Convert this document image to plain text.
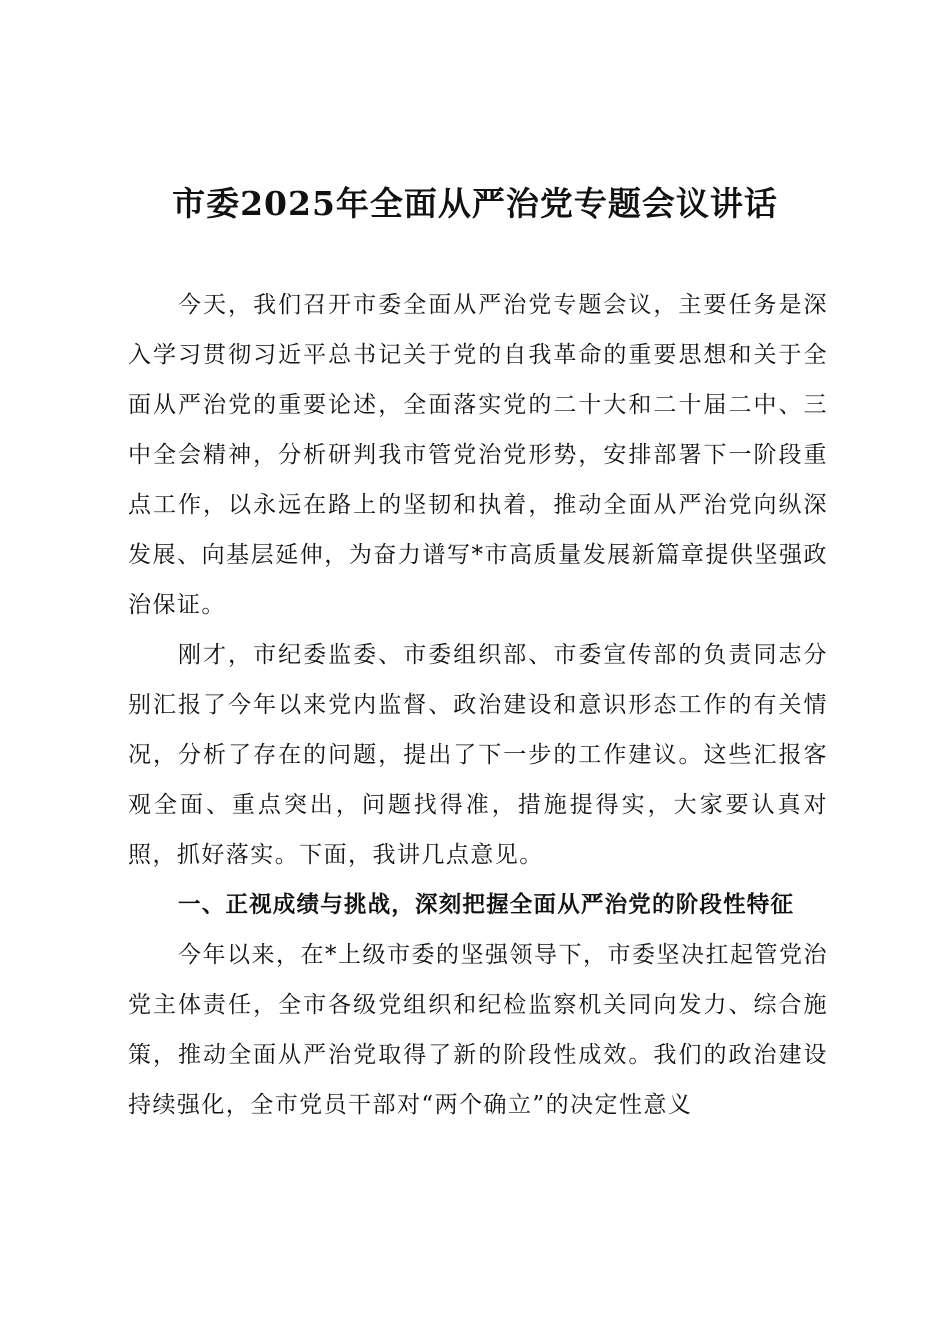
市委2025年全面从严治党专题会议讲话

今天，我们召开市委全面从严治党专题会议，主要任务是深入学习贯彻习近平总书记关于党的自我革命的重要思想和关于全面从严治党的重要论述，全面落实党的二十大和二十届二中、三中全会精神，分析研判我市管党治党形势，安排部署下一阶段重点工作，以永远在路上的坚韧和执着，推动全面从严治党向纵深发展、向基层延伸，为奋力谱写*市高质量发展新篇章提供坚强政治保证。

刚才，市纪委监委、市委组织部、市委宣传部的负责同志分别汇报了今年以来党内监督、政治建设和意识形态工作的有关情况，分析了存在的问题，提出了下一步的工作建议。这些汇报客观全面、重点突出，问题找得准，措施提得实，大家要认真对照，抓好落实。下面，我讲几点意见。

一、正视成绩与挑战，深刻把握全面从严治党的阶段性特征

今年以来，在*上级市委的坚强领导下，市委坚决扛起管党治党主体责任，全市各级党组织和纪检监察机关同向发力、综合施策，推动全面从严治党取得了新的阶段性成效。我们的政治建设持续强化，全市党员干部对“两个确立”的决定性意义
